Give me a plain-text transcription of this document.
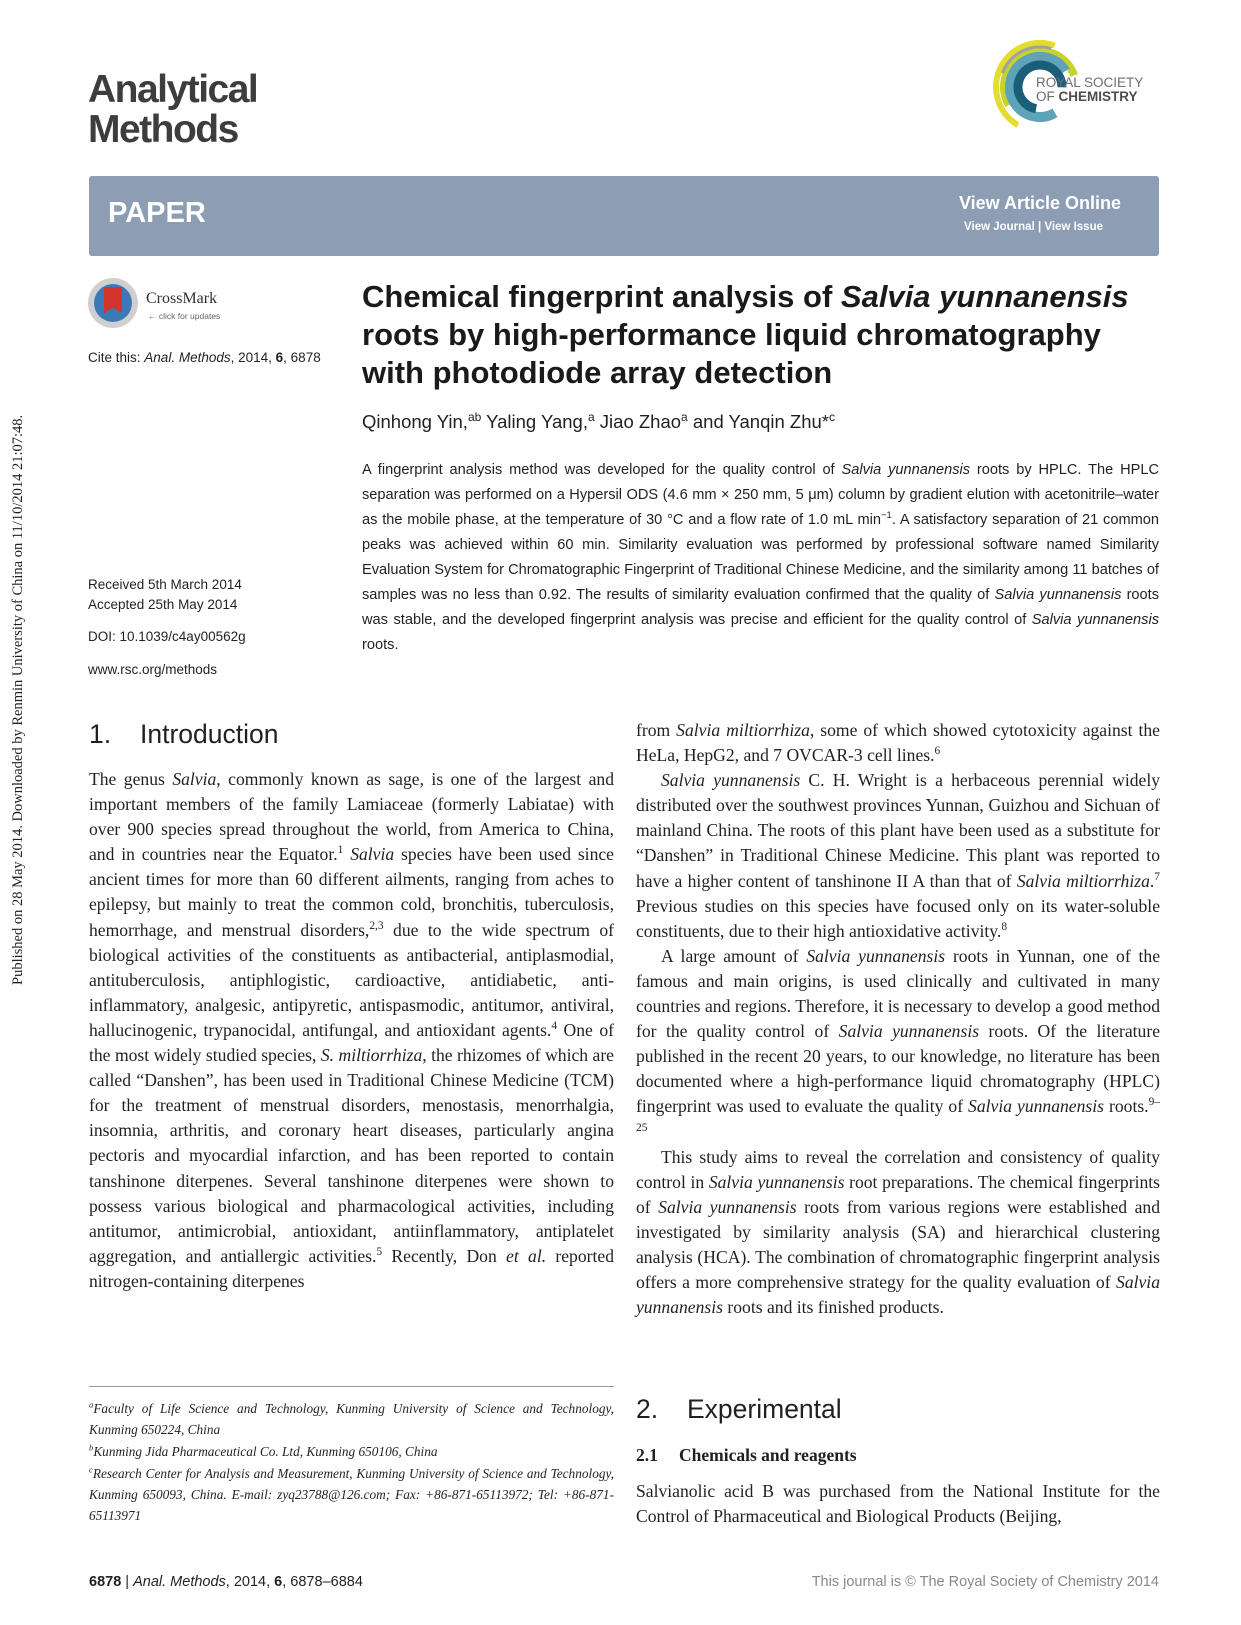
Published on 28 May 2014. Downloaded by Renmin University of China on 11/10/2014 21:07:48.
Analytical
Methods
ROYAL SOCIETY
OF CHEMISTRY
PAPER	View Article Online
View Journal | View Issue
CrossMark
← click for updates
Cite this: Anal. Methods, 2014, 6, 6878
Received 5th March 2014
Accepted 25th May 2014
DOI: 10.1039/c4ay00562g
www.rsc.org/methods
Chemical fingerprint analysis of Salvia yunnanensis
roots by high-performance liquid chromatography
with photodiode array detection
Qinhong Yin,$^{ab}$ Yaling Yang,$^a$ Jiao Zhao$^a$ and Yanqin Zhu*$^c$
A fingerprint analysis method was developed for the quality control of Salvia yunnanensis roots by HPLC. The HPLC separation was performed on a Hypersil ODS (4.6 mm × 250 mm, 5 μm) column by gradient elution with acetonitrile–water as the mobile phase, at the temperature of 30 °C and a flow rate of 1.0 mL $\min^{-1}$. A satisfactory separation of 21 common peaks was achieved within 60 min. Similarity evaluation was performed by professional software named Similarity Evaluation System for Chromatographic Fingerprint of Traditional Chinese Medicine, and the similarity among 11 batches of samples was no less than 0.92. The results of similarity evaluation confirmed that the quality of Salvia yunnanensis roots was stable, and the developed fingerprint analysis was precise and efficient for the quality control of Salvia yunnanensis roots.
1. Introduction

The genus Salvia, commonly known as sage, is one of the largest and important members of the family Lamiaceae (formerly Labiatae) with over 900 species spread throughout the world, from America to China, and in countries near the Equator.$^1$ Salvia species have been used since ancient times for more than 60 different ailments, ranging from aches to epilepsy, but mainly to treat the common cold, bronchitis, tuberculosis, hemorrhage, and menstrual disorders,$^{2,3}$ due to the wide spectrum of biological activities of the constituents as antibacterial, antiplasmodial, antituberculosis, antiphlogistic, cardioactive, antidiabetic, anti-inflammatory, analgesic, antipyretic, antispasmodic, antitumor, antiviral, hallucinogenic, trypanocidal, antifungal, and antioxidant agents.$^4$ One of the most widely studied species, S. miltiorrhiza, the rhizomes of which are called “Danshen”, has been used in Traditional Chinese Medicine (TCM) for the treatment of menstrual disorders, menostasis, menorrhalgia, insomnia, arthritis, and coronary heart diseases, particularly angina pectoris and myocardial infarction, and has been reported to contain tanshinone diterpenes. Several tanshinone diterpenes were shown to possess various biological and pharmacological activities, including antitumor, antimicrobial, antioxidant, antiinflammatory, antiplatelet aggregation, and antiallergic activities.$^5$ Recently, Don et al. reported nitrogen-containing diterpenes

from Salvia miltiorrhiza, some of which showed cytotoxicity against the HeLa, HepG2, and 7 OVCAR-3 cell lines.$^6$

Salvia yunnanensis C. H. Wright is a herbaceous perennial widely distributed over the southwest provinces Yunnan, Guizhou and Sichuan of mainland China. The roots of this plant have been used as a substitute for “Danshen” in Traditional Chinese Medicine. This plant was reported to have a higher content of tanshinone II A than that of Salvia miltiorrhiza.$^7$ Previous studies on this species have focused only on its water-soluble constituents, due to their high antioxidative activity.$^8$

A large amount of Salvia yunnanensis roots in Yunnan, one of the famous and main origins, is used clinically and cultivated in many countries and regions. Therefore, it is necessary to develop a good method for the quality control of Salvia yunnanensis roots. Of the literature published in the recent 20 years, to our knowledge, no literature has been documented where a high-performance liquid chromatography (HPLC) fingerprint was used to evaluate the quality of Salvia yunnanensis roots.$^{9-25}$

This study aims to reveal the correlation and consistency of quality control in Salvia yunnanensis root preparations. The chemical fingerprints of Salvia yunnanensis roots from various regions were established and investigated by similarity analysis (SA) and hierarchical clustering analysis (HCA). The combination of chromatographic fingerprint analysis offers a more comprehensive strategy for the quality evaluation of Salvia yunnanensis roots and its finished products.

2. Experimental
2.1 Chemicals and reagents

Salvianolic acid B was purchased from the National Institute for the Control of Pharmaceutical and Biological Products (Beijing,

$^a$Faculty of Life Science and Technology, Kunming University of Science and Technology, Kunming 650224, China

$^b$Kunming Jida Pharmaceutical Co. Ltd, Kunming 650106, China

$^c$Research Center for Analysis and Measurement, Kunming University of Science and Technology, Kunming 650093, China. E-mail: zyq23788@126.com; Fax: +86-871-65113972; Tel: +86-871-65113971

6878 | Anal. Methods, 2014, 6, 6878–6884	This journal is © The Royal Society of Chemistry 2014
